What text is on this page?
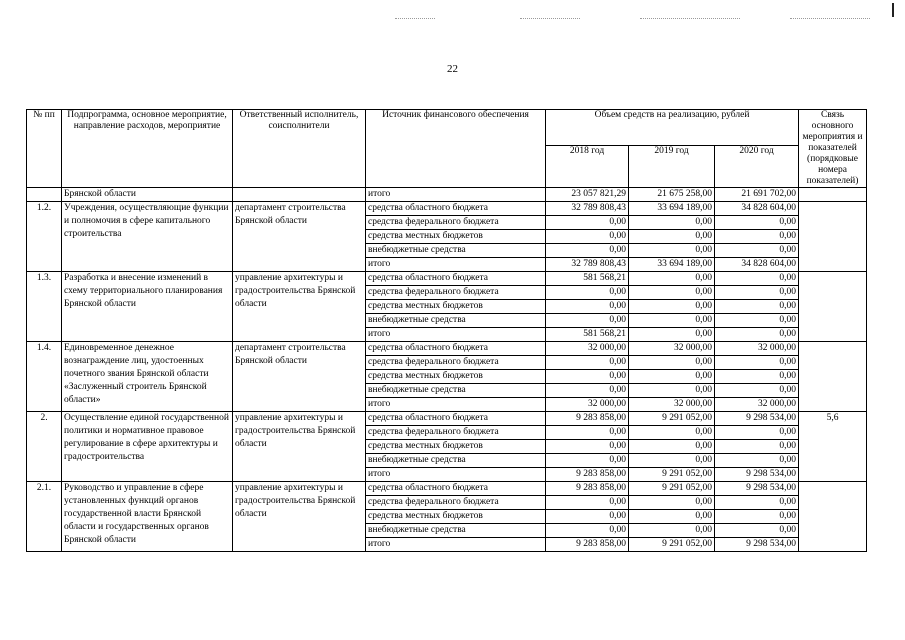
22
№ пп	Подпрограмма, основное мероприятие, направление расходов, мероприятие	Ответственный исполнитель, соисполнители	Источник финансового обеспечения	Объем средств на реализацию, рублей			Связь основного мероприятия и показателей (порядковые номера показателей)
				2018 год	2019 год	2020 год	
	Брянской области		итого	23 057 821,29	21 675 258,00	21 691 702,00	
1.2.	Учреждения, осуществляющие функции и полномочия в сфере капитального строительства	департамент строительства Брянской области	средства областного бюджета	32 789 808,43	33 694 189,00	34 828 604,00	
			средства федерального бюджета	0,00	0,00	0,00	
			средства местных бюджетов	0,00	0,00	0,00	
			внебюджетные средства	0,00	0,00	0,00	
			итого	32 789 808,43	33 694 189,00	34 828 604,00	
1.3.	Разработка и внесение изменений в схему территориального планирования Брянской области	управление архитектуры и градостроительства Брянской области	средства областного бюджета	581 568,21	0,00	0,00	
			средства федерального бюджета	0,00	0,00	0,00	
			средства местных бюджетов	0,00	0,00	0,00	
			внебюджетные средства	0,00	0,00	0,00	
			итого	581 568,21	0,00	0,00	
1.4.	Единовременное денежное вознаграждение лиц, удостоенных почетного звания Брянской области «Заслуженный строитель Брянской области»	департамент строительства Брянской области	средства областного бюджета	32 000,00	32 000,00	32 000,00	
			средства федерального бюджета	0,00	0,00	0,00	
			средства местных бюджетов	0,00	0,00	0,00	
			внебюджетные средства	0,00	0,00	0,00	
			итого	32 000,00	32 000,00	32 000,00	
2.	Осуществление единой государственной политики и нормативное правовое регулирование в сфере архитектуры и градостроительства	управление архитектуры и градостроительства Брянской области	средства областного бюджета	9 283 858,00	9 291 052,00	9 298 534,00	5,6
			средства федерального бюджета	0,00	0,00	0,00	
			средства местных бюджетов	0,00	0,00	0,00	
			внебюджетные средства	0,00	0,00	0,00	
			итого	9 283 858,00	9 291 052,00	9 298 534,00	
2.1.	Руководство и управление в сфере установленных функций органов государственной власти Брянской области и государственных органов Брянской области	управление архитектуры и градостроительства Брянской области	средства областного бюджета	9 283 858,00	9 291 052,00	9 298 534,00	
			средства федерального бюджета	0,00	0,00	0,00	
			средства местных бюджетов	0,00	0,00	0,00	
			внебюджетные средства	0,00	0,00	0,00	
			итого	9 283 858,00	9 291 052,00	9 298 534,00	
